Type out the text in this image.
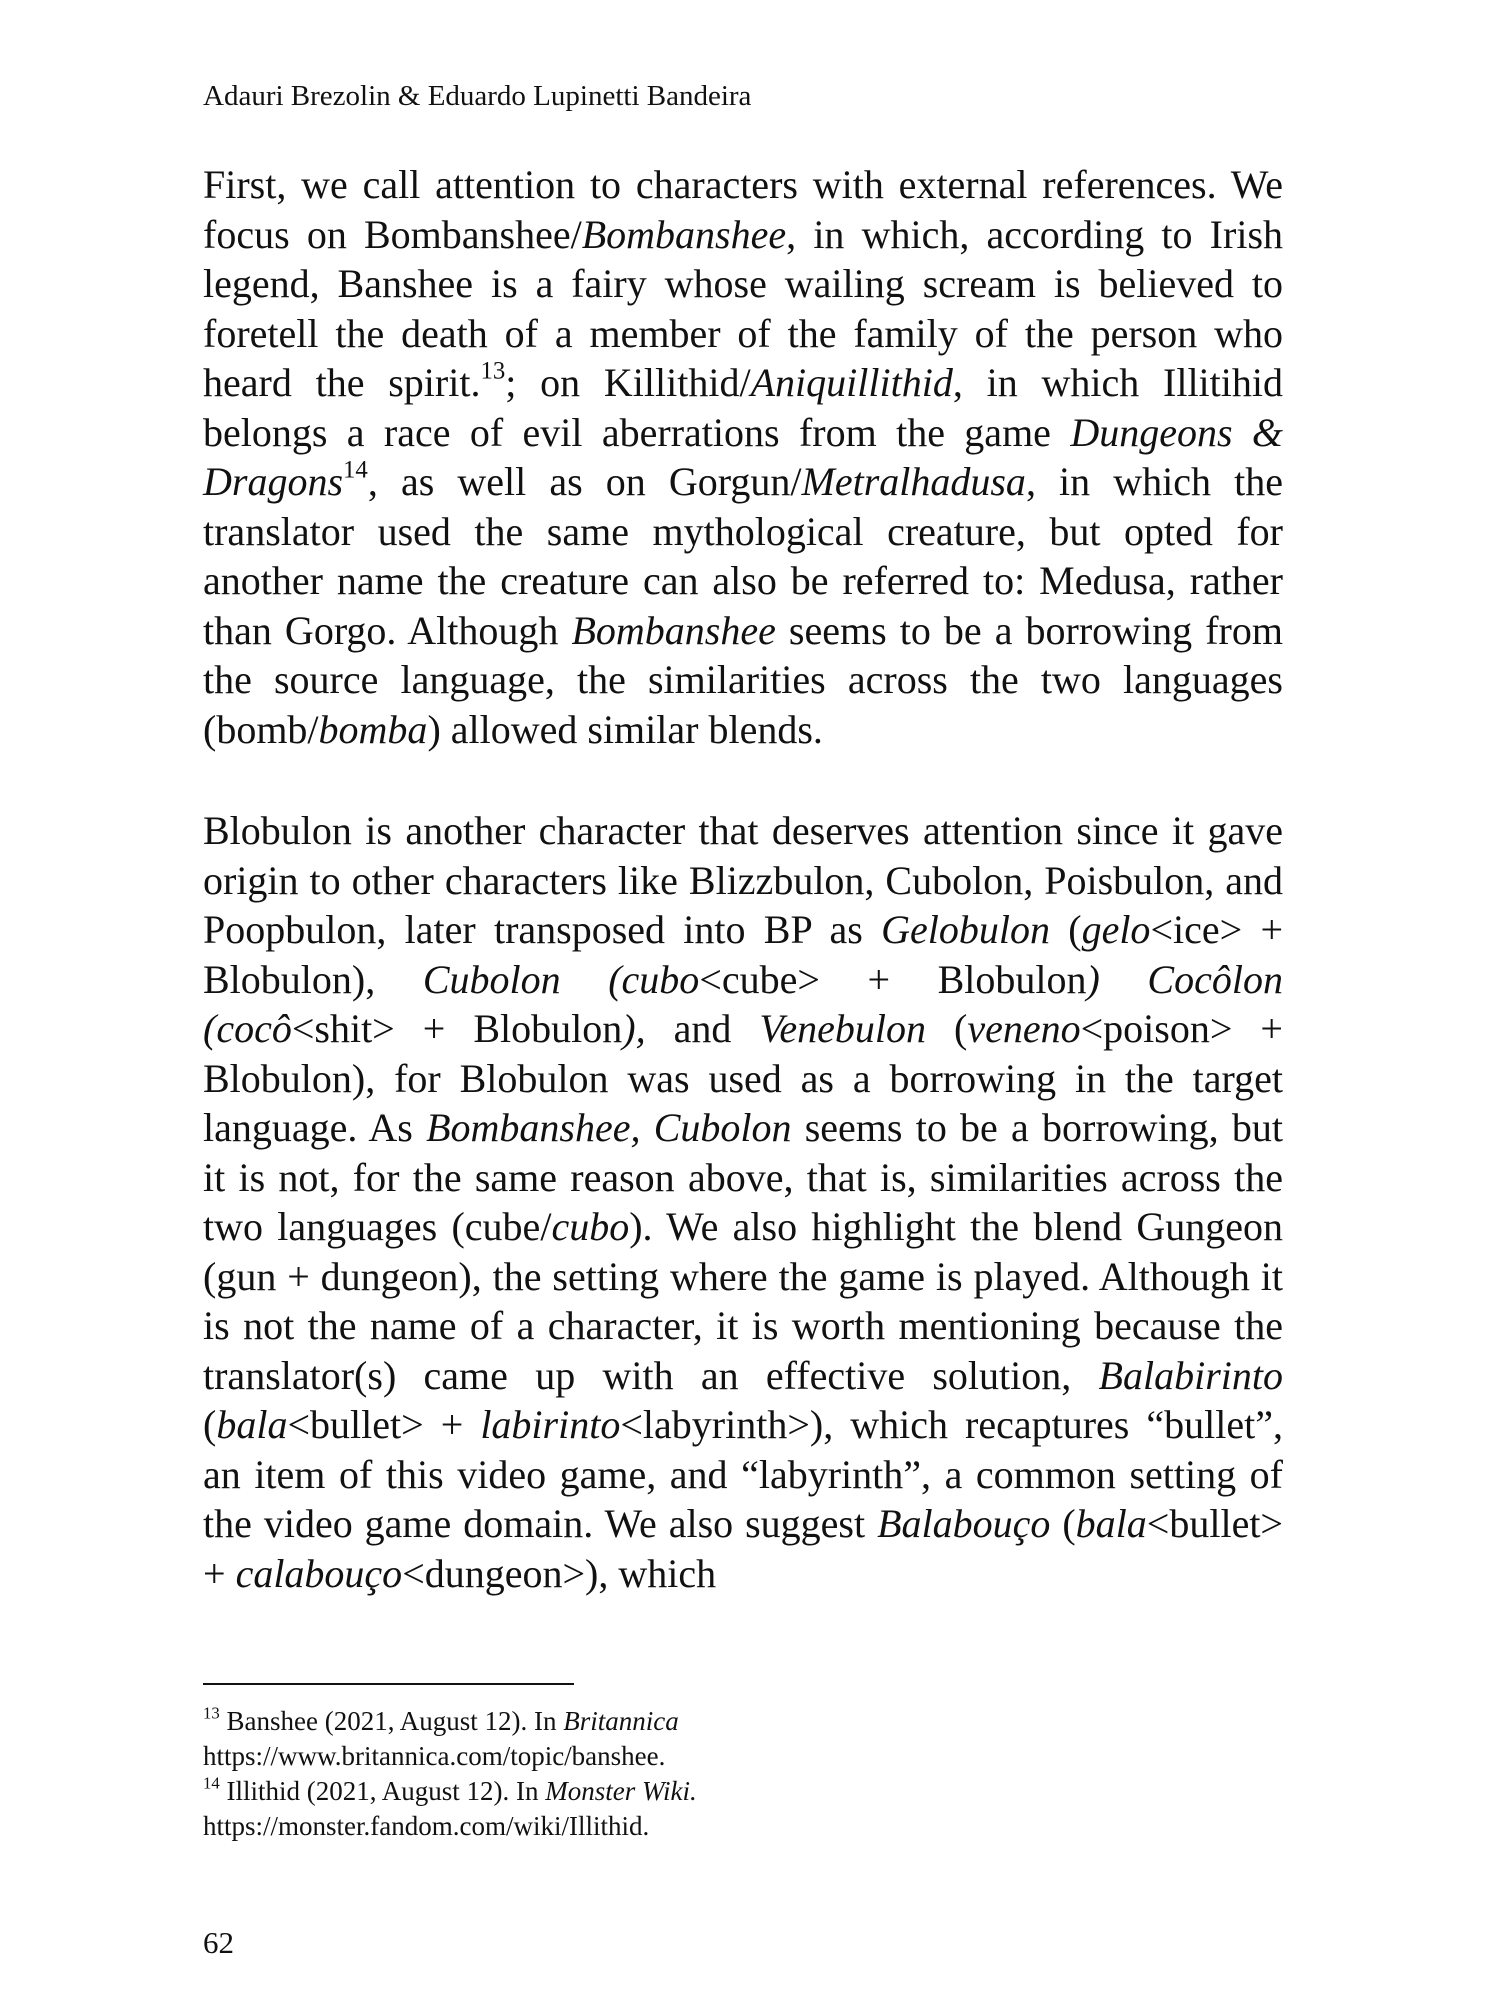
Adauri Brezolin & Eduardo Lupinetti Bandeira
First, we call attention to characters with external references. We focus on Bombanshee/Bombanshee, in which, according to Irish legend, Banshee is a fairy whose wailing scream is believed to foretell the death of a member of the family of the person who heard the spirit.$^{13}$; on Killithid/Aniquillithid, in which Illitihid belongs a race of evil aberrations from the game Dungeons & Dragons$^{14}$, as well as on Gorgun/Metralhadusa, in which the translator used the same mythological creature, but opted for another name the creature can also be referred to: Medusa, rather than Gorgo. Although Bombanshee seems to be a borrowing from the source language, the similarities across the two languages (bomb/bomba) allowed similar blends.
Blobulon is another character that deserves attention since it gave origin to other characters like Blizzbulon, Cubolon, Poisbulon, and Poopbulon, later transposed into BP as Gelobulon (gelo<ice> + Blobulon), Cubolon (cubo<cube> + Blobulon) Cocôlon (cocô<shit> + Blobulon), and Venebulon (veneno<poison> + Blobulon), for Blobulon was used as a borrowing in the target language. As Bombanshee, Cubolon seems to be a borrowing, but it is not, for the same reason above, that is, similarities across the two languages (cube/cubo). We also highlight the blend Gungeon (gun + dungeon), the setting where the game is played. Although it is not the name of a character, it is worth mentioning because the translator(s) came up with an effective solution, Balabirinto (bala<bullet> + labirinto<labyrinth>), which recaptures “bullet”, an item of this video game, and “labyrinth”, a common setting of the video game domain. We also suggest Balabouço (bala<bullet> + calabouço<dungeon>), which
$^{13}$ Banshee (2021, August 12). In Britannica
https://www.britannica.com/topic/banshee.
$^{14}$ Illithid (2021, August 12). In Monster Wiki.
https://monster.fandom.com/wiki/Illithid.
62
